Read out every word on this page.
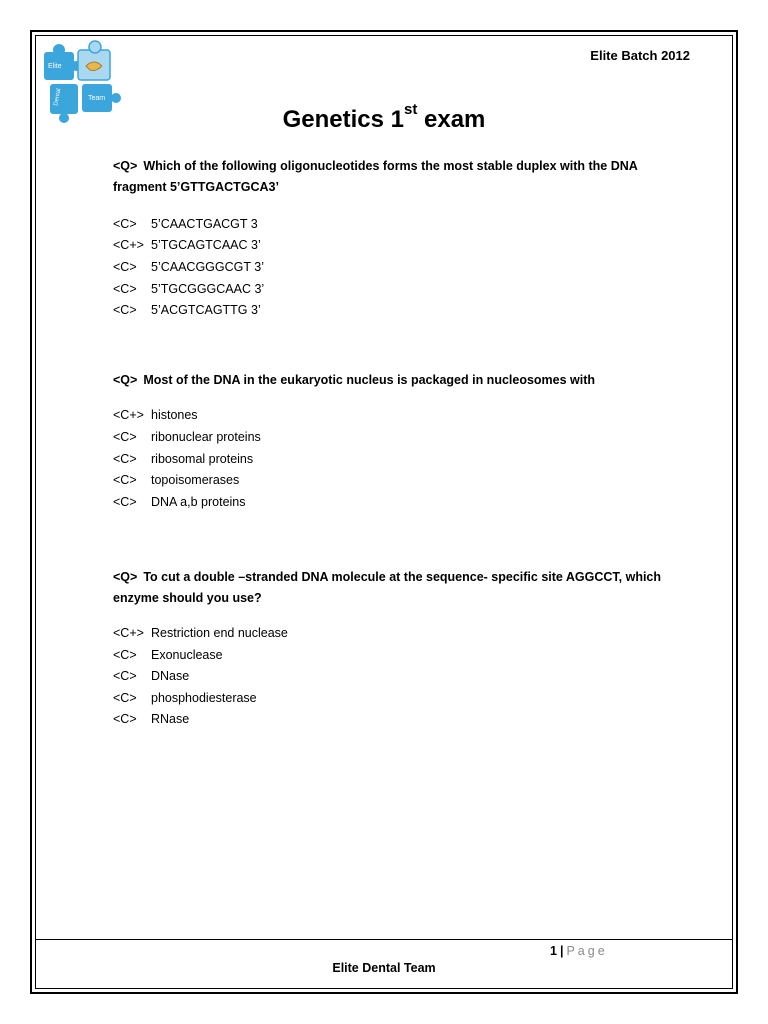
Elite
Dental	Team
Elite Batch 2012
Genetics 1st exam
<Q> Which of the following oligonucleotides forms the most stable duplex with the DNA fragment 5’GTTGACTGCA3’
<C> 5’CAACTGACGT 3
<C+> 5’TGCAGTCAAC 3’
<C> 5’CAACGGGCGT 3’
<C> 5’TGCGGGCAAC 3’
<C> 5’ACGTCAGTTG 3’
<Q> Most of the DNA in the eukaryotic nucleus is packaged in nucleosomes with
<C+> histones
<C> ribonuclear proteins
<C> ribosomal proteins
<C> topoisomerases
<C> DNA a,b proteins
<Q> To cut a double –stranded DNA molecule at the sequence- specific site AGGCCT, which enzyme should you use?
<C+> Restriction end nuclease
<C> Exonuclease
<C> DNase
<C> phosphodiesterase
<C> RNase
1 | Page
Elite Dental Team
